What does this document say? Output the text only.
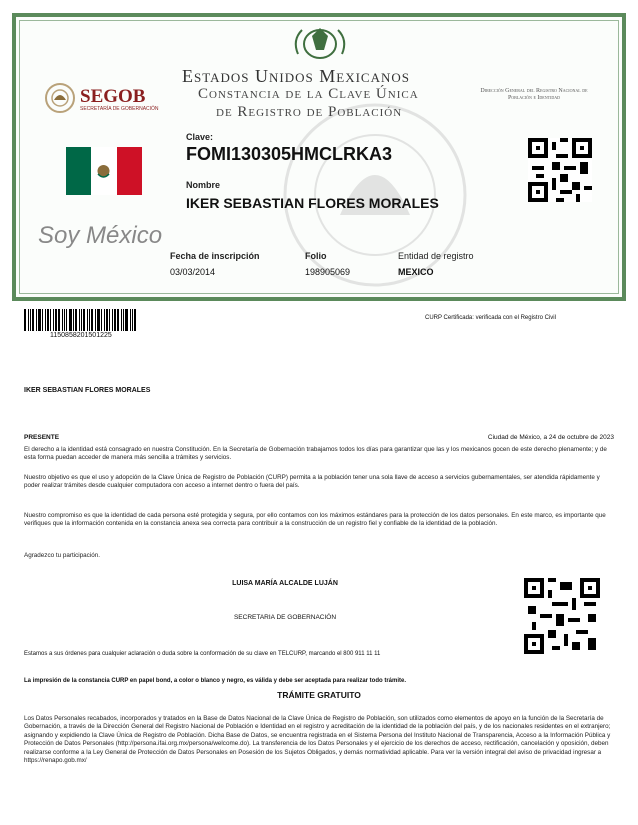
SEGOB
SECRETARÍA DE GOBERNACIÓN
Estados Unidos Mexicanos
Constancia de la Clave Única
de Registro de Población
Dirección General del Registro Nacional de Población e Identidad
Clave:
FOMI130305HMCLRKA3
Nombre
IKER SEBASTIAN FLORES MORALES
Soy México
Fecha de inscripción
03/03/2014
Folio
198905069
Entidad de registro
MEXICO
1150858201501225
CURP Certificada: verificada con el Registro Civil
IKER SEBASTIAN FLORES MORALES
PRESENTE	Ciudad de México, a 24 de octubre de 2023
El derecho a la identidad está consagrado en nuestra Constitución. En la Secretaría de Gobernación trabajamos todos los días para garantizar que las y los mexicanos gocen de este derecho plenamente; y de esta forma puedan acceder de manera más sencilla a trámites y servicios.
Nuestro objetivo es que el uso y adopción de la Clave Única de Registro de Población (CURP) permita a la población tener una sola llave de acceso a servicios gubernamentales, ser atendida rápidamente y poder realizar trámites desde cualquier computadora con acceso a internet dentro o fuera del país.
Nuestro compromiso es que la identidad de cada persona esté protegida y segura, por ello contamos con los máximos estándares para la protección de los datos personales. En este marco, es importante que verifiques que la información contenida en la constancia anexa sea correcta para contribuir a la construcción de un registro fiel y confiable de la identidad de la población.
Agradezco tu participación.
LUISA MARÍA ALCALDE LUJÁN
SECRETARIA DE GOBERNACIÓN
Estamos a sus órdenes para cualquier aclaración o duda sobre la conformación de su clave en TELCURP, marcando el 800 911 11 11
La impresión de la constancia CURP en papel bond, a color o blanco y negro, es válida y debe ser aceptada para realizar todo trámite.
TRÁMITE GRATUITO
Los Datos Personales recabados, incorporados y tratados en la Base de Datos Nacional de la Clave Única de Registro de Población, son utilizados como elementos de apoyo en la función de la Secretaría de Gobernación, a través de la Dirección General del Registro Nacional de Población e Identidad en el registro y acreditación de la identidad de la población del país, y de los nacionales residentes en el extranjero; asignando y expidiendo la Clave Única de Registro de Población. Dicha Base de Datos, se encuentra registrada en el Sistema Persona del Instituto Nacional de Transparencia, Acceso a la Información Pública y Protección de Datos Personales (http://persona.ifai.org.mx/persona/welcome.do). La transferencia de los Datos Personales y el ejercicio de los derechos de acceso, rectificación, cancelación y oposición, deben realizarse conforme a la Ley General de Protección de Datos Personales en Posesión de los Sujetos Obligados, y demás normatividad aplicable. Para ver la versión integral del aviso de privacidad ingresar a https://renapo.gob.mx/
